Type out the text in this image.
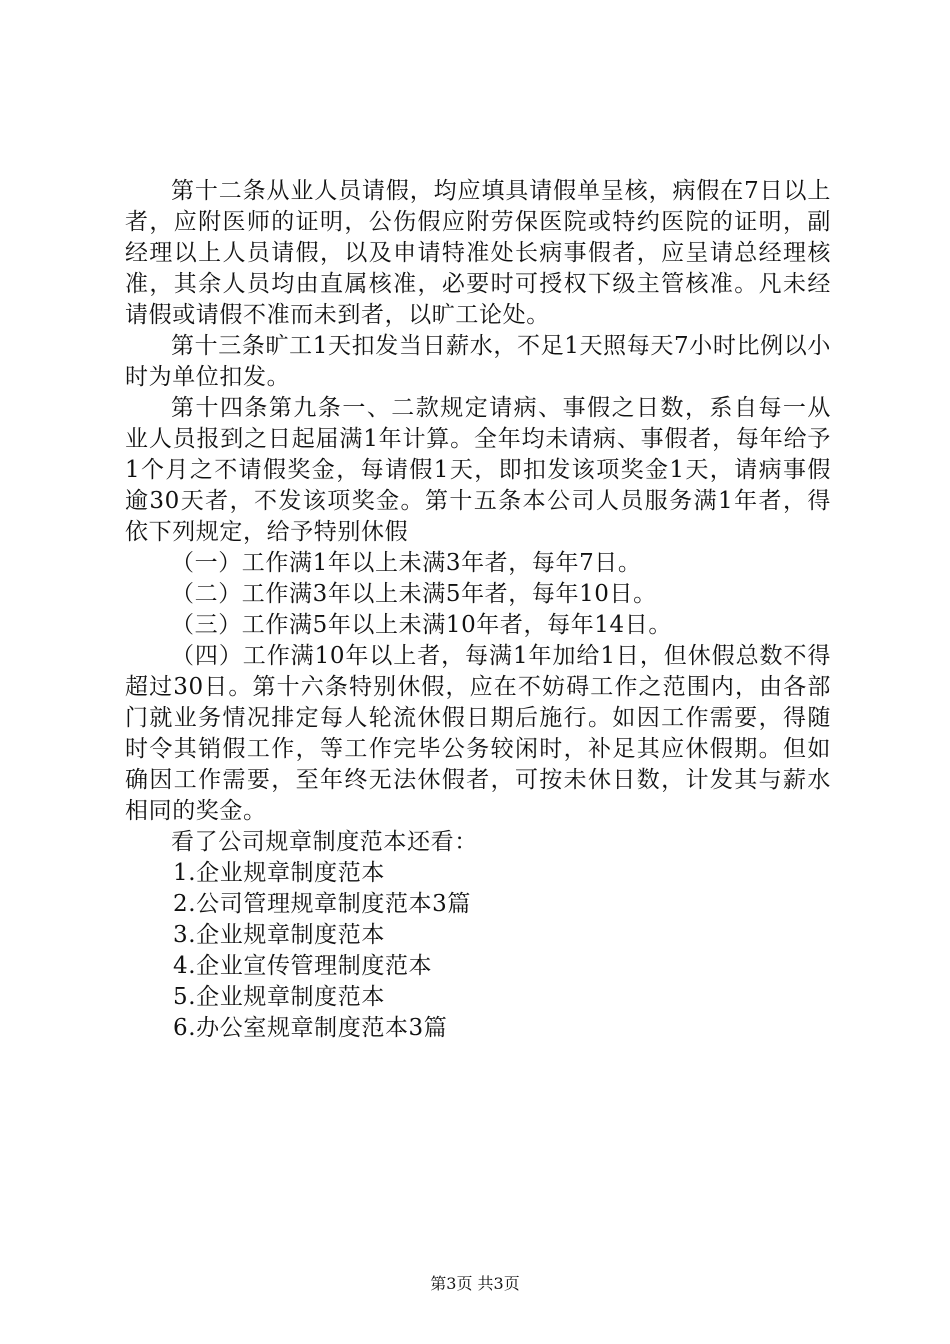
第十二条从业人员请假，均应填具请假单呈核，病假在7日以上者，应附医师的证明，公伤假应附劳保医院或特约医院的证明，副经理以上人员请假，以及申请特准处长病事假者，应呈请总经理核准，其余人员均由直属核准，必要时可授权下级主管核准。凡未经请假或请假不准而未到者，以旷工论处。

第十三条旷工1天扣发当日薪水，不足1天照每天7小时比例以小时为单位扣发。

第十四条第九条一、二款规定请病、事假之日数，系自每一从业人员报到之日起届满1年计算。全年均未请病、事假者，每年给予1个月之不请假奖金，每请假1天，即扣发该项奖金1天，请病事假逾30天者，不发该项奖金。第十五条本公司人员服务满1年者，得依下列规定，给予特别休假

（一）工作满1年以上未满3年者，每年7日。

（二）工作满3年以上未满5年者，每年10日。

（三）工作满5年以上未满10年者，每年14日。

（四）工作满10年以上者，每满1年加给1日，但休假总数不得超过30日。第十六条特别休假，应在不妨碍工作之范围内，由各部门就业务情况排定每人轮流休假日期后施行。如因工作需要，得随时令其销假工作，等工作完毕公务较闲时，补足其应休假期。但如确因工作需要，至年终无法休假者，可按未休日数，计发其与薪水相同的奖金。

看了公司规章制度范本还看：

1.企业规章制度范本

2.公司管理规章制度范本3篇

3.企业规章制度范本

4.企业宣传管理制度范本

5.企业规章制度范本

6.办公室规章制度范本3篇

第3页 共3页
